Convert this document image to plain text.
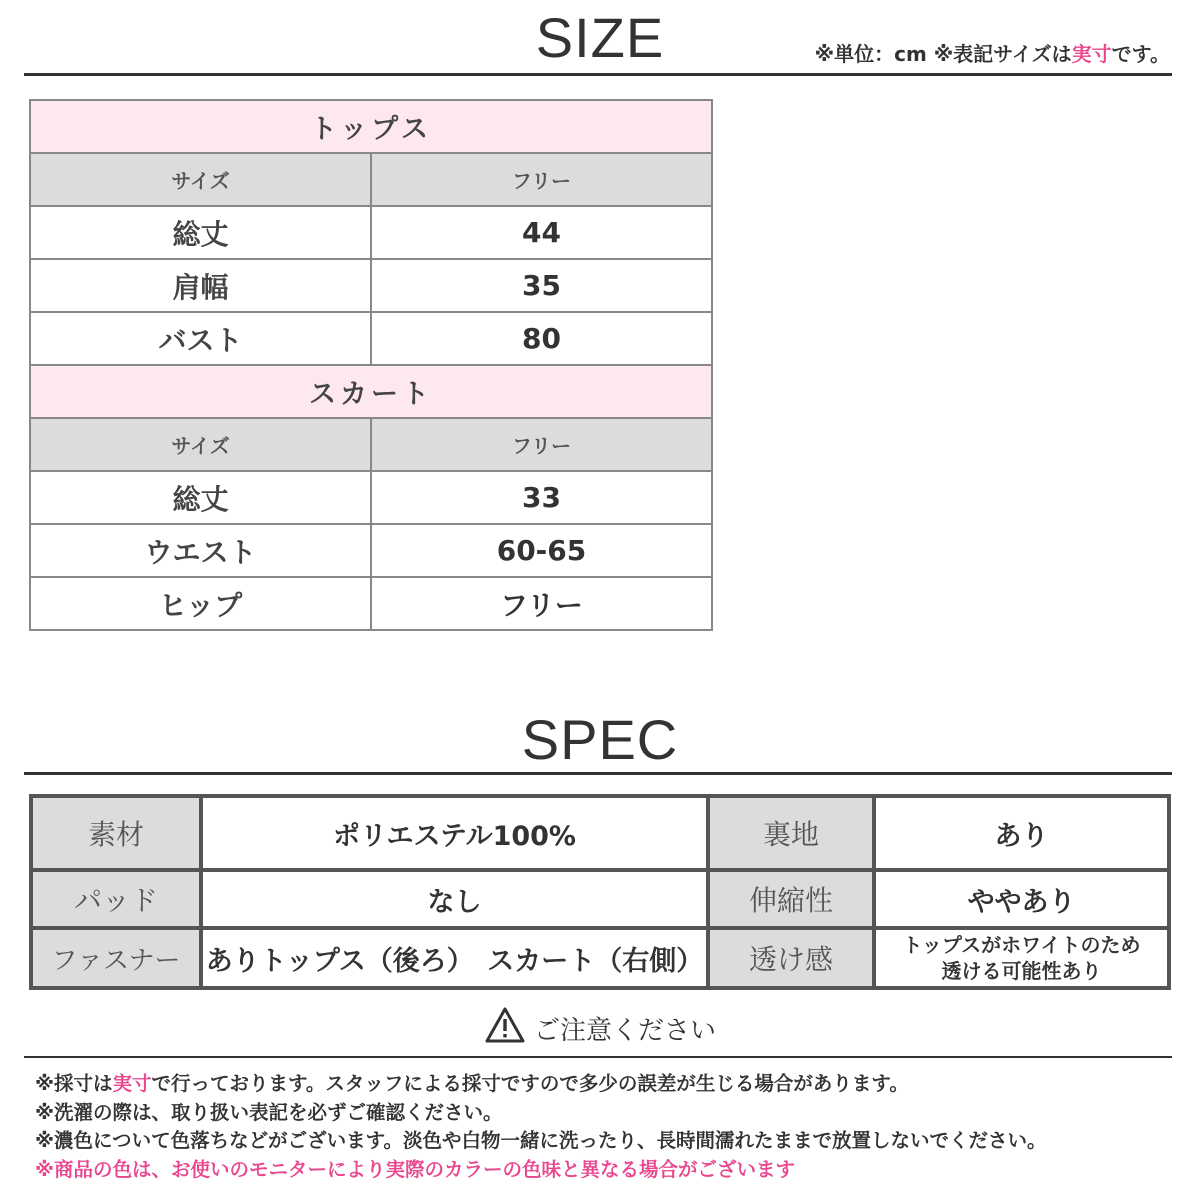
SIZE	※単位：cm ※表記サイズは実寸です。
トップス	
サイズ	フリー
総丈	44
肩幅	35
バスト	80
スカート	
サイズ	フリー
総丈	33
ウエスト	60-65
ヒップ	フリー
SPEC
素材	ポリエステル100%	裏地	あり
パッド	なし	伸縮性	ややあり
ファスナー	ありトップス（後ろ）　スカート（右側）	透け感	トップスがホワイトのため
透ける可能性あり
ご注意ください
※採寸は実寸で行っております。スタッフによる採寸ですので多少の誤差が生じる場合があります。
※洗濯の際は、取り扱い表記を必ずご確認ください。
※濃色について色落ちなどがございます。淡色や白物一緒に洗ったり、長時間濡れたままで放置しないでください。
※商品の色は、お使いのモニターにより実際のカラーの色味と異なる場合がございます
